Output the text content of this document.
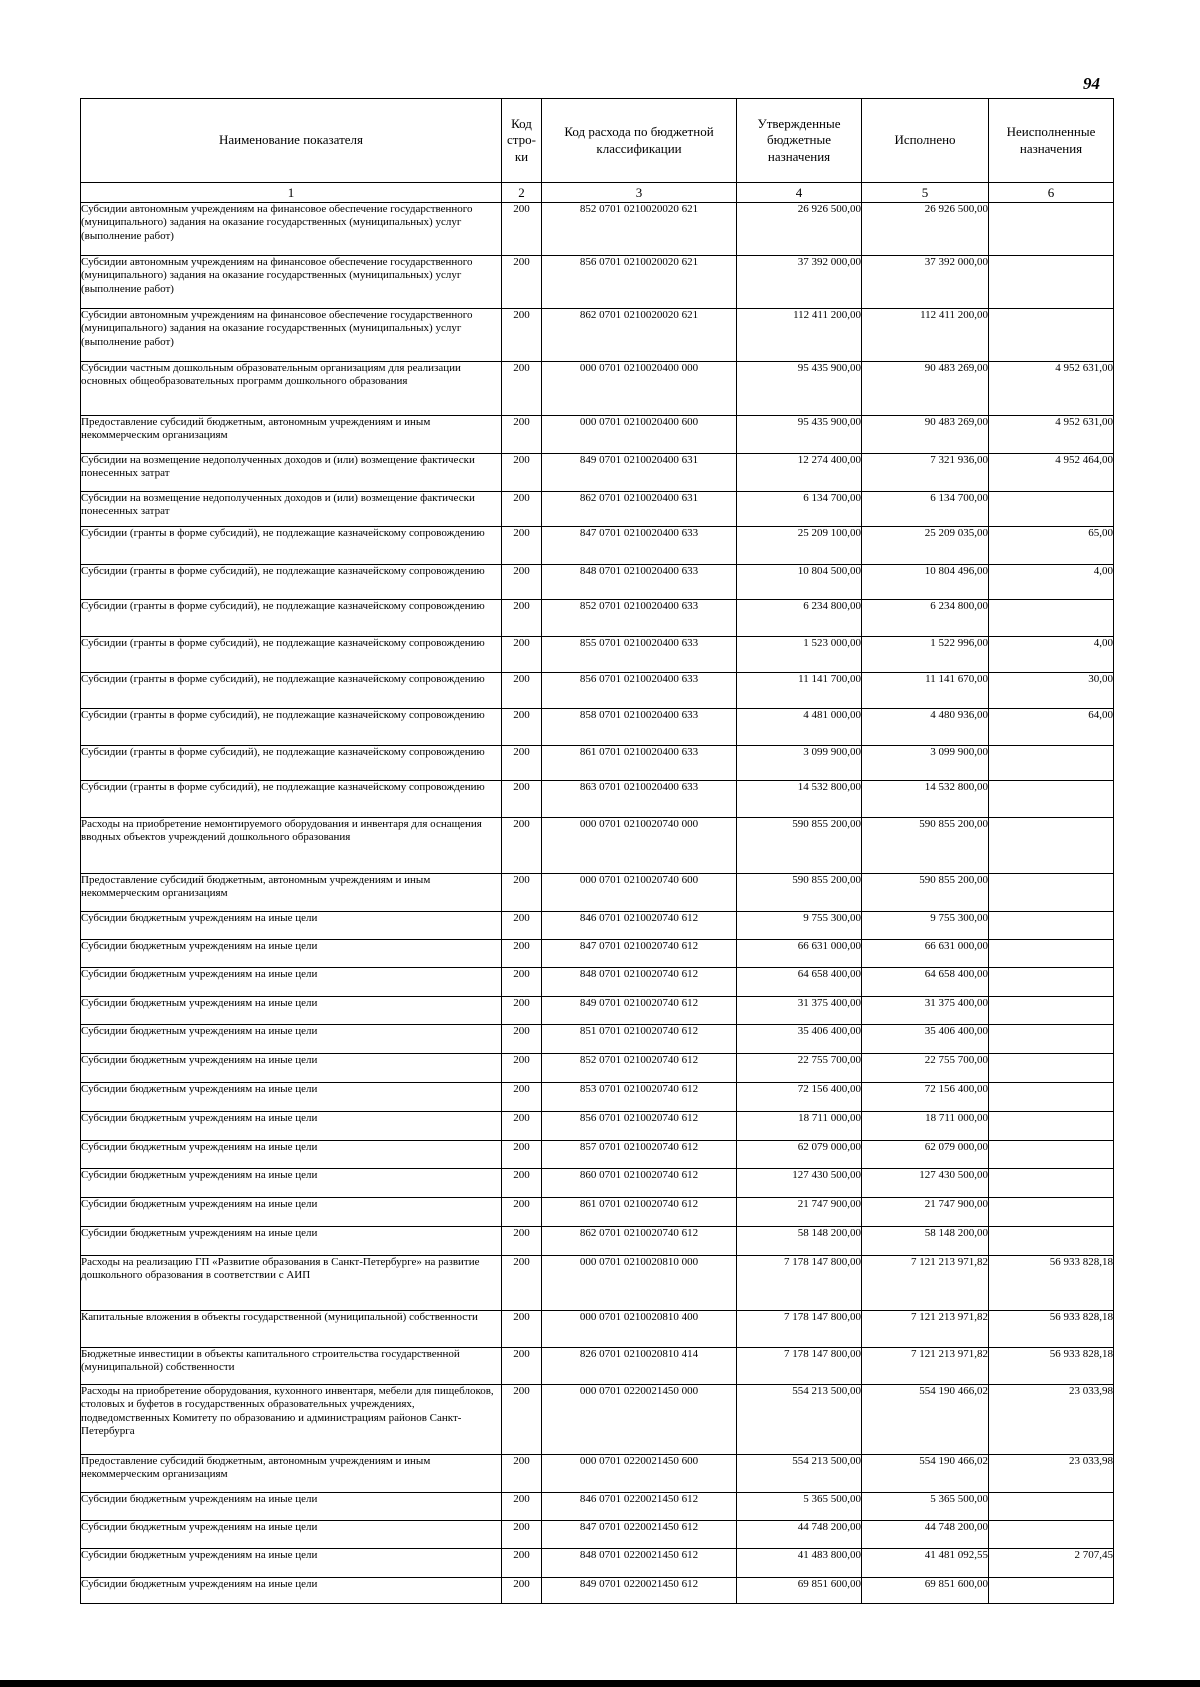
94
Наименование показателя	Код стро-ки	Код расхода по бюджетной классификации	Утвержденные бюджетные назначения	Исполнено	Неисполненные назначения
1	2	3	4	5	6
Субсидии автономным учреждениям на финансовое обеспечение государственного (муниципального) задания на оказание государственных (муниципальных) услуг (выполнение работ)	200	852 0701 0210020020 621	26 926 500,00	26 926 500,00	
Субсидии автономным учреждениям на финансовое обеспечение государственного (муниципального) задания на оказание государственных (муниципальных) услуг (выполнение работ)	200	856 0701 0210020020 621	37 392 000,00	37 392 000,00	
Субсидии автономным учреждениям на финансовое обеспечение государственного (муниципального) задания на оказание государственных (муниципальных) услуг (выполнение работ)	200	862 0701 0210020020 621	112 411 200,00	112 411 200,00	
Субсидии частным дошкольным образовательным организациям для реализации основных общеобразовательных программ дошкольного образования	200	000 0701 0210020400 000	95 435 900,00	90 483 269,00	4 952 631,00
Предоставление субсидий бюджетным, автономным учреждениям и иным некоммерческим организациям	200	000 0701 0210020400 600	95 435 900,00	90 483 269,00	4 952 631,00
Субсидии на возмещение недополученных доходов и (или) возмещение фактически понесенных затрат	200	849 0701 0210020400 631	12 274 400,00	7 321 936,00	4 952 464,00
Субсидии на возмещение недополученных доходов и (или) возмещение фактически понесенных затрат	200	862 0701 0210020400 631	6 134 700,00	6 134 700,00	
Субсидии (гранты в форме субсидий), не подлежащие казначейскому сопровождению	200	847 0701 0210020400 633	25 209 100,00	25 209 035,00	65,00
Субсидии (гранты в форме субсидий), не подлежащие казначейскому сопровождению	200	848 0701 0210020400 633	10 804 500,00	10 804 496,00	4,00
Субсидии (гранты в форме субсидий), не подлежащие казначейскому сопровождению	200	852 0701 0210020400 633	6 234 800,00	6 234 800,00	
Субсидии (гранты в форме субсидий), не подлежащие казначейскому сопровождению	200	855 0701 0210020400 633	1 523 000,00	1 522 996,00	4,00
Субсидии (гранты в форме субсидий), не подлежащие казначейскому сопровождению	200	856 0701 0210020400 633	11 141 700,00	11 141 670,00	30,00
Субсидии (гранты в форме субсидий), не подлежащие казначейскому сопровождению	200	858 0701 0210020400 633	4 481 000,00	4 480 936,00	64,00
Субсидии (гранты в форме субсидий), не подлежащие казначейскому сопровождению	200	861 0701 0210020400 633	3 099 900,00	3 099 900,00	
Субсидии (гранты в форме субсидий), не подлежащие казначейскому сопровождению	200	863 0701 0210020400 633	14 532 800,00	14 532 800,00	
Расходы на приобретение немонтируемого оборудования и инвентаря для оснащения вводных объектов учреждений дошкольного образования	200	000 0701 0210020740 000	590 855 200,00	590 855 200,00	
Предоставление субсидий бюджетным, автономным учреждениям и иным некоммерческим организациям	200	000 0701 0210020740 600	590 855 200,00	590 855 200,00	
Субсидии бюджетным учреждениям на иные цели	200	846 0701 0210020740 612	9 755 300,00	9 755 300,00	
Субсидии бюджетным учреждениям на иные цели	200	847 0701 0210020740 612	66 631 000,00	66 631 000,00	
Субсидии бюджетным учреждениям на иные цели	200	848 0701 0210020740 612	64 658 400,00	64 658 400,00	
Субсидии бюджетным учреждениям на иные цели	200	849 0701 0210020740 612	31 375 400,00	31 375 400,00	
Субсидии бюджетным учреждениям на иные цели	200	851 0701 0210020740 612	35 406 400,00	35 406 400,00	
Субсидии бюджетным учреждениям на иные цели	200	852 0701 0210020740 612	22 755 700,00	22 755 700,00	
Субсидии бюджетным учреждениям на иные цели	200	853 0701 0210020740 612	72 156 400,00	72 156 400,00	
Субсидии бюджетным учреждениям на иные цели	200	856 0701 0210020740 612	18 711 000,00	18 711 000,00	
Субсидии бюджетным учреждениям на иные цели	200	857 0701 0210020740 612	62 079 000,00	62 079 000,00	
Субсидии бюджетным учреждениям на иные цели	200	860 0701 0210020740 612	127 430 500,00	127 430 500,00	
Субсидии бюджетным учреждениям на иные цели	200	861 0701 0210020740 612	21 747 900,00	21 747 900,00	
Субсидии бюджетным учреждениям на иные цели	200	862 0701 0210020740 612	58 148 200,00	58 148 200,00	
Расходы на реализацию ГП «Развитие образования в Санкт-Петербурге» на развитие дошкольного образования в соответствии с АИП	200	000 0701 0210020810 000	7 178 147 800,00	7 121 213 971,82	56 933 828,18
Капитальные вложения в объекты государственной (муниципальной) собственности	200	000 0701 0210020810 400	7 178 147 800,00	7 121 213 971,82	56 933 828,18
Бюджетные инвестиции в объекты капитального строительства государственной (муниципальной) собственности	200	826 0701 0210020810 414	7 178 147 800,00	7 121 213 971,82	56 933 828,18
Расходы на приобретение оборудования, кухонного инвентаря, мебели для пищеблоков, столовых и буфетов в государственных образовательных учреждениях, подведомственных Комитету по образованию и администрациям районов Санкт-Петербурга	200	000 0701 0220021450 000	554 213 500,00	554 190 466,02	23 033,98
Предоставление субсидий бюджетным, автономным учреждениям и иным некоммерческим организациям	200	000 0701 0220021450 600	554 213 500,00	554 190 466,02	23 033,98
Субсидии бюджетным учреждениям на иные цели	200	846 0701 0220021450 612	5 365 500,00	5 365 500,00	
Субсидии бюджетным учреждениям на иные цели	200	847 0701 0220021450 612	44 748 200,00	44 748 200,00	
Субсидии бюджетным учреждениям на иные цели	200	848 0701 0220021450 612	41 483 800,00	41 481 092,55	2 707,45
Субсидии бюджетным учреждениям на иные цели	200	849 0701 0220021450 612	69 851 600,00	69 851 600,00	
